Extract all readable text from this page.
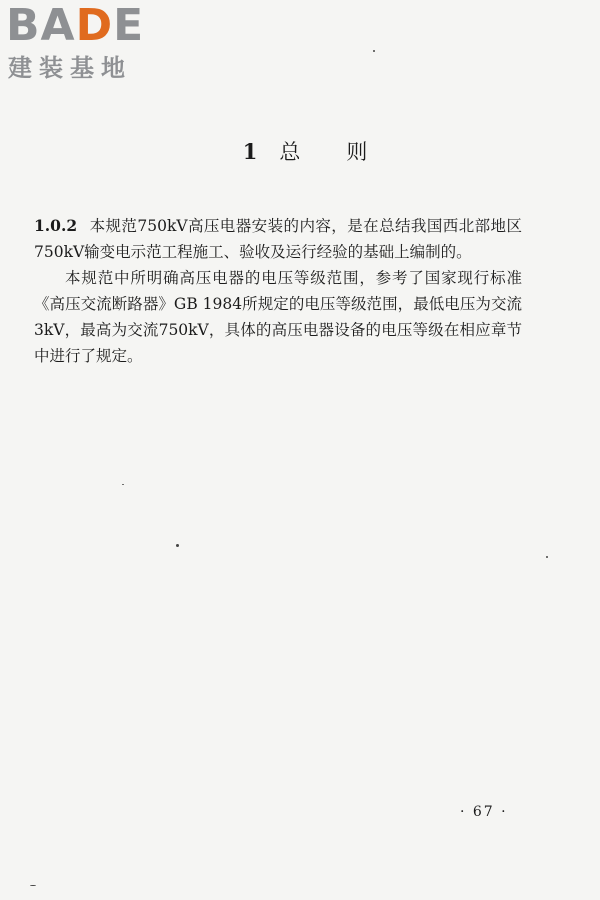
BADE
建装基地
1 总 则

1.0.2 本规范750kV高压电器安装的内容，是在总结我国西北部地区750kV输变电示范工程施工、验收及运行经验的基础上编制的。

本规范中所明确高压电器的电压等级范围，参考了国家现行标准《高压交流断路器》GB 1984所规定的电压等级范围，最低电压为交流3kV，最高为交流750kV，具体的高压电器设备的电压等级在相应章节中进行了规定。

· 67 ·
